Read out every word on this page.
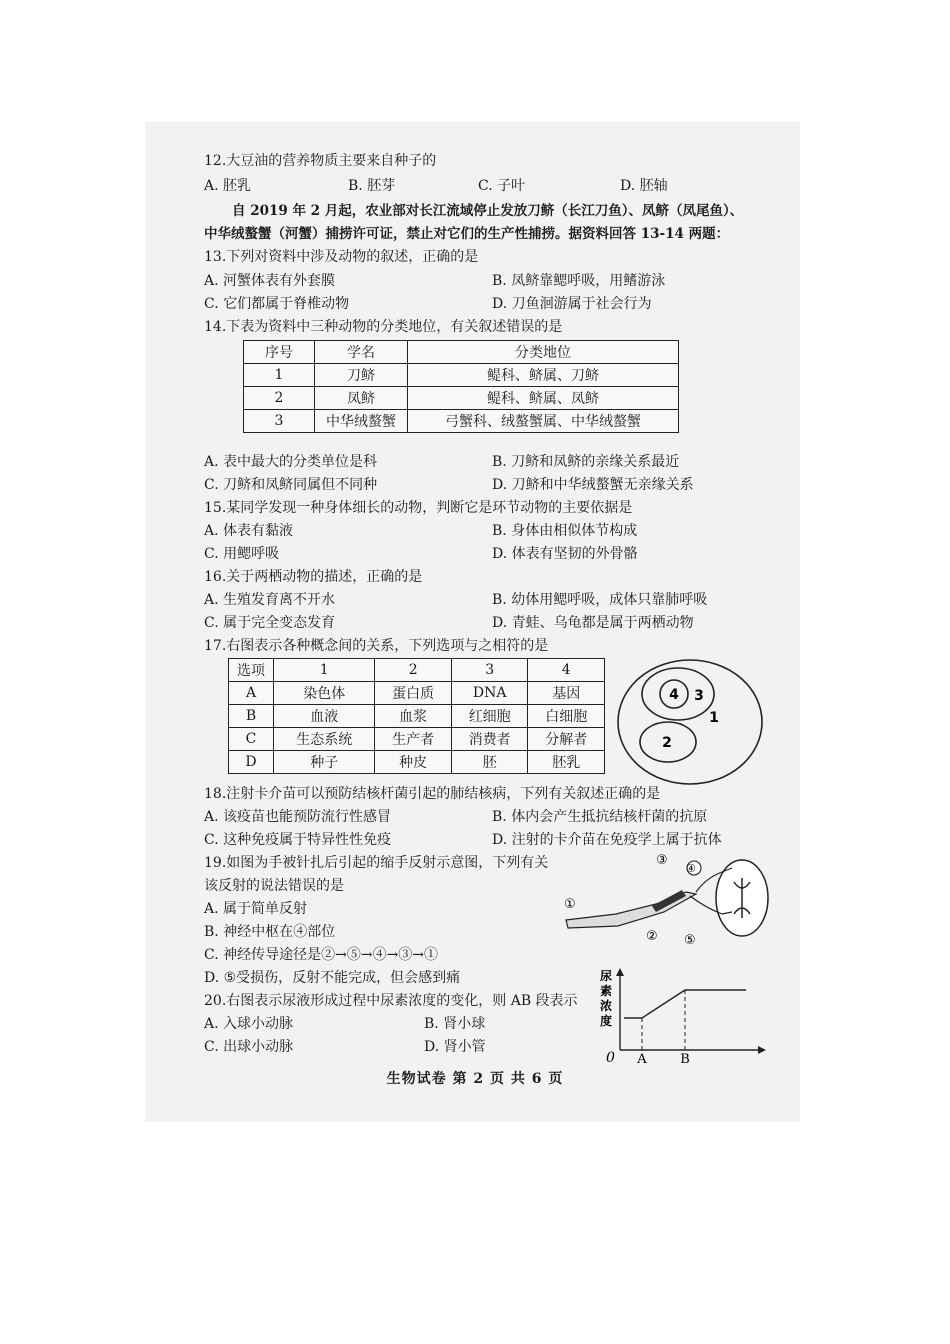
12.大豆油的营养物质主要来自种子的
A. 胚乳	B. 胚芽	C. 子叶	D. 胚轴
自 2019 年 2 月起，农业部对长江流域停止发放刀鲚（长江刀鱼）、凤鲚（凤尾鱼）、
中华绒螯蟹（河蟹）捕捞许可证，禁止对它们的生产性捕捞。据资料回答 13-14 两题：
13.下列对资料中涉及动物的叙述，正确的是
A. 河蟹体表有外套膜	B. 凤鲚靠鳃呼吸，用鳍游泳
C. 它们都属于脊椎动物	D. 刀鱼洄游属于社会行为
14.下表为资料中三种动物的分类地位，有关叙述错误的是
序号	学名	分类地位
1	刀鲚	鳀科、鲚属、刀鲚
2	凤鲚	鳀科、鲚属、凤鲚
3	中华绒螯蟹	弓蟹科、绒螯蟹属、中华绒螯蟹
A. 表中最大的分类单位是科	B. 刀鲚和凤鲚的亲缘关系最近
C. 刀鲚和凤鲚同属但不同种	D. 刀鲚和中华绒螯蟹无亲缘关系
15.某同学发现一种身体细长的动物，判断它是环节动物的主要依据是
A. 体表有黏液	B. 身体由相似体节构成
C. 用鳃呼吸	D. 体表有坚韧的外骨骼
16.关于两栖动物的描述，正确的是
A. 生殖发育离不开水	B. 幼体用鳃呼吸，成体只靠肺呼吸
C. 属于完全变态发育	D. 青蛙、乌龟都是属于两栖动物
17.右图表示各种概念间的关系，下列选项与之相符的是
选项	1	2	3	4
A	染色体	蛋白质	DNA	基因
B	血液	血浆	红细胞	白细胞
C	生态系统	生产者	消费者	分解者
D	种子	种皮	胚	胚乳
4 3
2
1
18.注射卡介苗可以预防结核杆菌引起的肺结核病，下列有关叙述正确的是
A. 该疫苗也能预防流行性感冒	B. 体内会产生抵抗结核杆菌的抗原
C. 这种免疫属于特异性性免疫	D. 注射的卡介苗在免疫学上属于抗体
19.如图为手被针扎后引起的缩手反射示意图，下列有关
该反射的说法错误的是
A. 属于简单反射
B. 神经中枢在④部位
C. 神经传导途径是②→⑤→④→③→①
D. ⑤受损伤，反射不能完成，但会感到痛
①
②
③
④
⑤
20.右图表示尿液形成过程中尿素浓度的变化，则 AB 段表示
A. 入球小动脉	B. 肾小球
C. 出球小动脉	D. 肾小管
尿素浓度
0 A	B
生物试卷 第 2 页 共 6 页
